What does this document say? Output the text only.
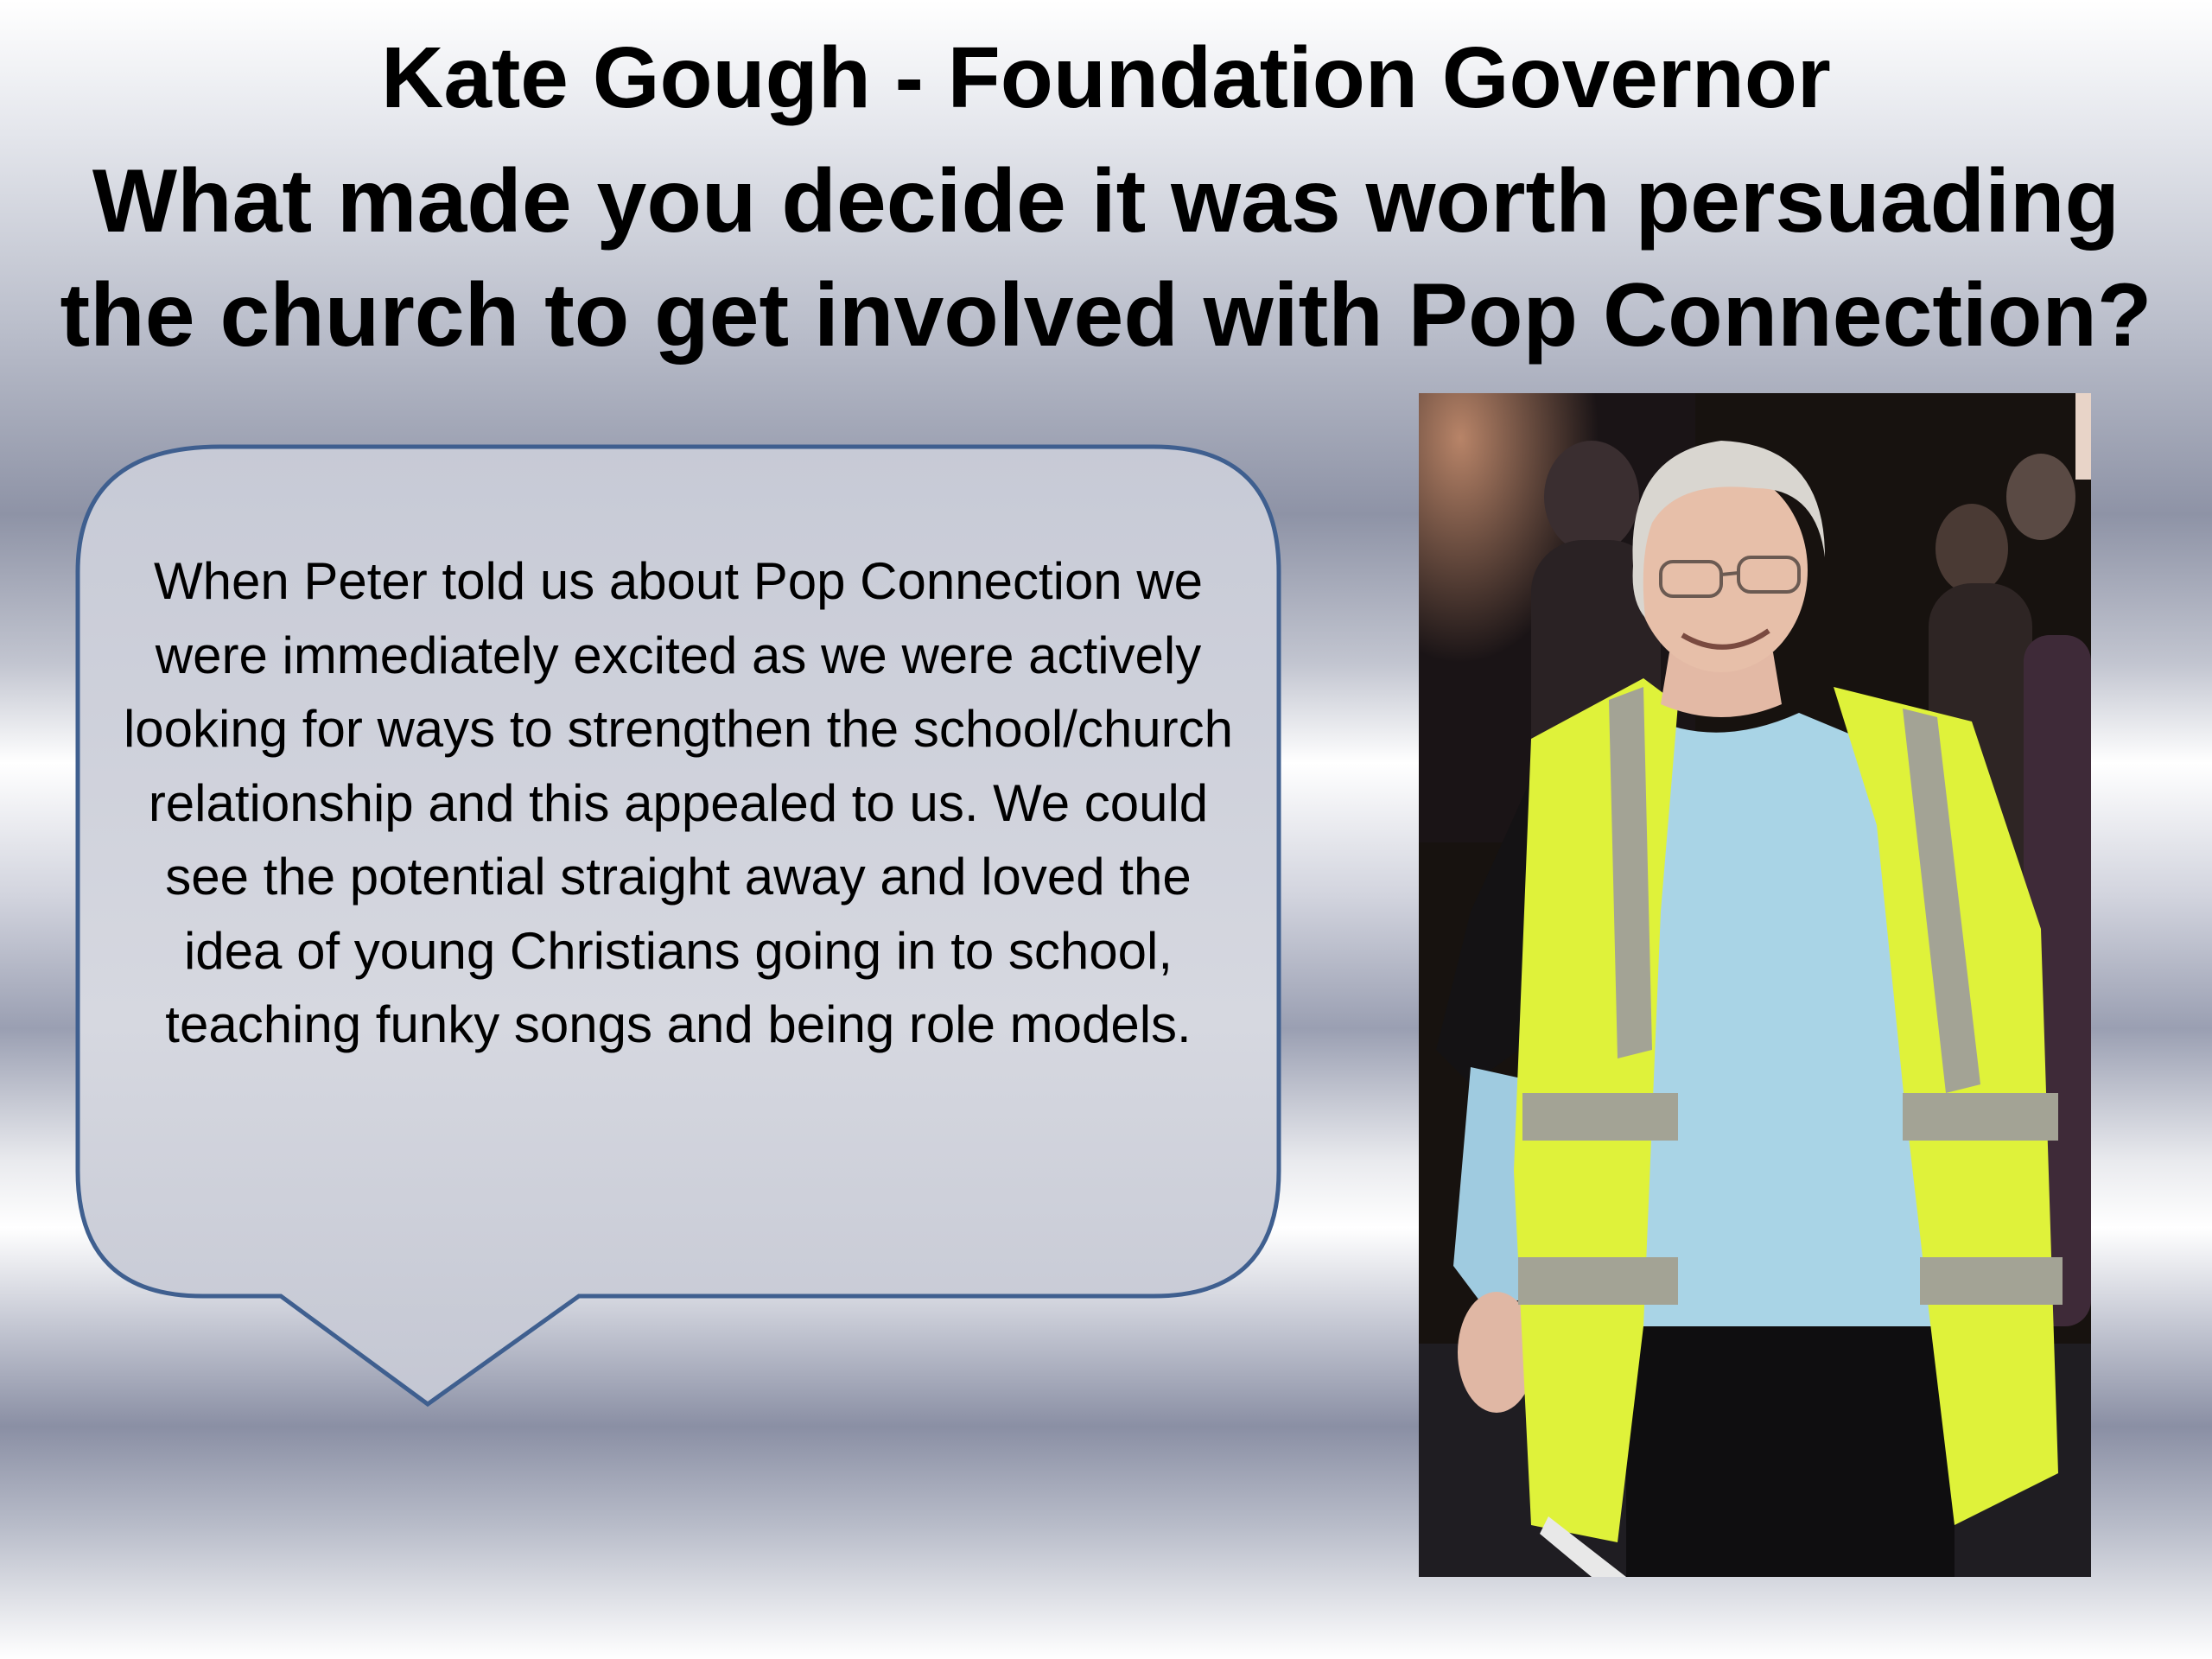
Kate Gough - Foundation Governor
What made you decide it was worth persuading
the church to get involved with Pop Connection?

When Peter told us about Pop Connection we were immediately excited as we were actively looking for ways to strengthen the school/church relationship and this appealed to us. We could see the potential straight away and loved the idea of young Christians going in to school, teaching funky songs and being role models.
